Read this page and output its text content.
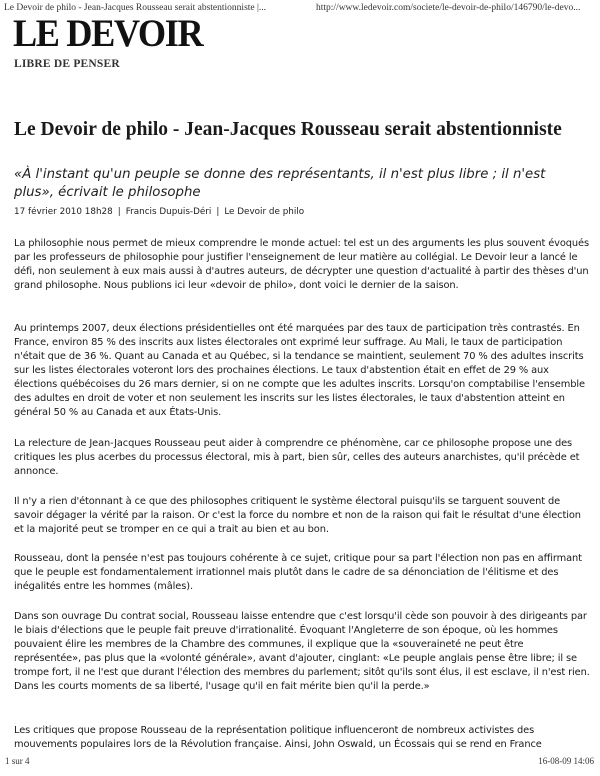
Le Devoir de philo - Jean-Jacques Rousseau serait abstentionniste |...	http://www.ledevoir.com/societe/le-devoir-de-philo/146790/le-devo...
LE DEVOIR
LIBRE DE PENSER
Le Devoir de philo - Jean-Jacques Rousseau serait abstentionniste

«À l'instant qu'un peuple se donne des représentants, il n'est plus libre ; il n'est plus», écrivait le philosophe

17 février 2010 18h28 | Francis Dupuis-Déri | Le Devoir de philo

La philosophie nous permet de mieux comprendre le monde actuel: tel est un des arguments les plus souvent évoqués par les professeurs de philosophie pour justifier l'enseignement de leur matière au collégial. Le Devoir leur a lancé le défi, non seulement à eux mais aussi à d'autres auteurs, de décrypter une question d'actualité à partir des thèses d'un grand philosophe. Nous publions ici leur «devoir de philo», dont voici le dernier de la saison.

Au printemps 2007, deux élections présidentielles ont été marquées par des taux de participation très contrastés. En France, environ 85 % des inscrits aux listes électorales ont exprimé leur suffrage. Au Mali, le taux de participation n'était que de 36 %. Quant au Canada et au Québec, si la tendance se maintient, seulement 70 % des adultes inscrits sur les listes électorales voteront lors des prochaines élections. Le taux d'abstention était en effet de 29 % aux élections québécoises du 26 mars dernier, si on ne compte que les adultes inscrits. Lorsqu'on comptabilise l'ensemble des adultes en droit de voter et non seulement les inscrits sur les listes électorales, le taux d'abstention atteint en général 50 % au Canada et aux États-Unis.

La relecture de Jean-Jacques Rousseau peut aider à comprendre ce phénomène, car ce philosophe propose une des critiques les plus acerbes du processus électoral, mis à part, bien sûr, celles des auteurs anarchistes, qu'il précède et annonce.

Il n'y a rien d'étonnant à ce que des philosophes critiquent le système électoral puisqu'ils se targuent souvent de savoir dégager la vérité par la raison. Or c'est la force du nombre et non de la raison qui fait le résultat d'une élection et la majorité peut se tromper en ce qui a trait au bien et au bon.

Rousseau, dont la pensée n'est pas toujours cohérente à ce sujet, critique pour sa part l'élection non pas en affirmant que le peuple est fondamentalement irrationnel mais plutôt dans le cadre de sa dénonciation de l'élitisme et des inégalités entre les hommes (mâles).

Dans son ouvrage Du contrat social, Rousseau laisse entendre que c'est lorsqu'il cède son pouvoir à des dirigeants par le biais d'élections que le peuple fait preuve d'irrationalité. Évoquant l'Angleterre de son époque, où les hommes pouvaient élire les membres de la Chambre des communes, il explique que la «souveraineté ne peut être représentée», pas plus que la «volonté générale», avant d'ajouter, cinglant: «Le peuple anglais pense être libre; il se trompe fort, il ne l'est que durant l'élection des membres du parlement; sitôt qu'ils sont élus, il est esclave, il n'est rien. Dans les courts moments de sa liberté, l'usage qu'il en fait mérite bien qu'il la perde.»

Les critiques que propose Rousseau de la représentation politique influenceront de nombreux activistes des mouvements populaires lors de la Révolution française. Ainsi, John Oswald, un Écossais qui se rend en France

1 sur 4	16-08-09 14:06
